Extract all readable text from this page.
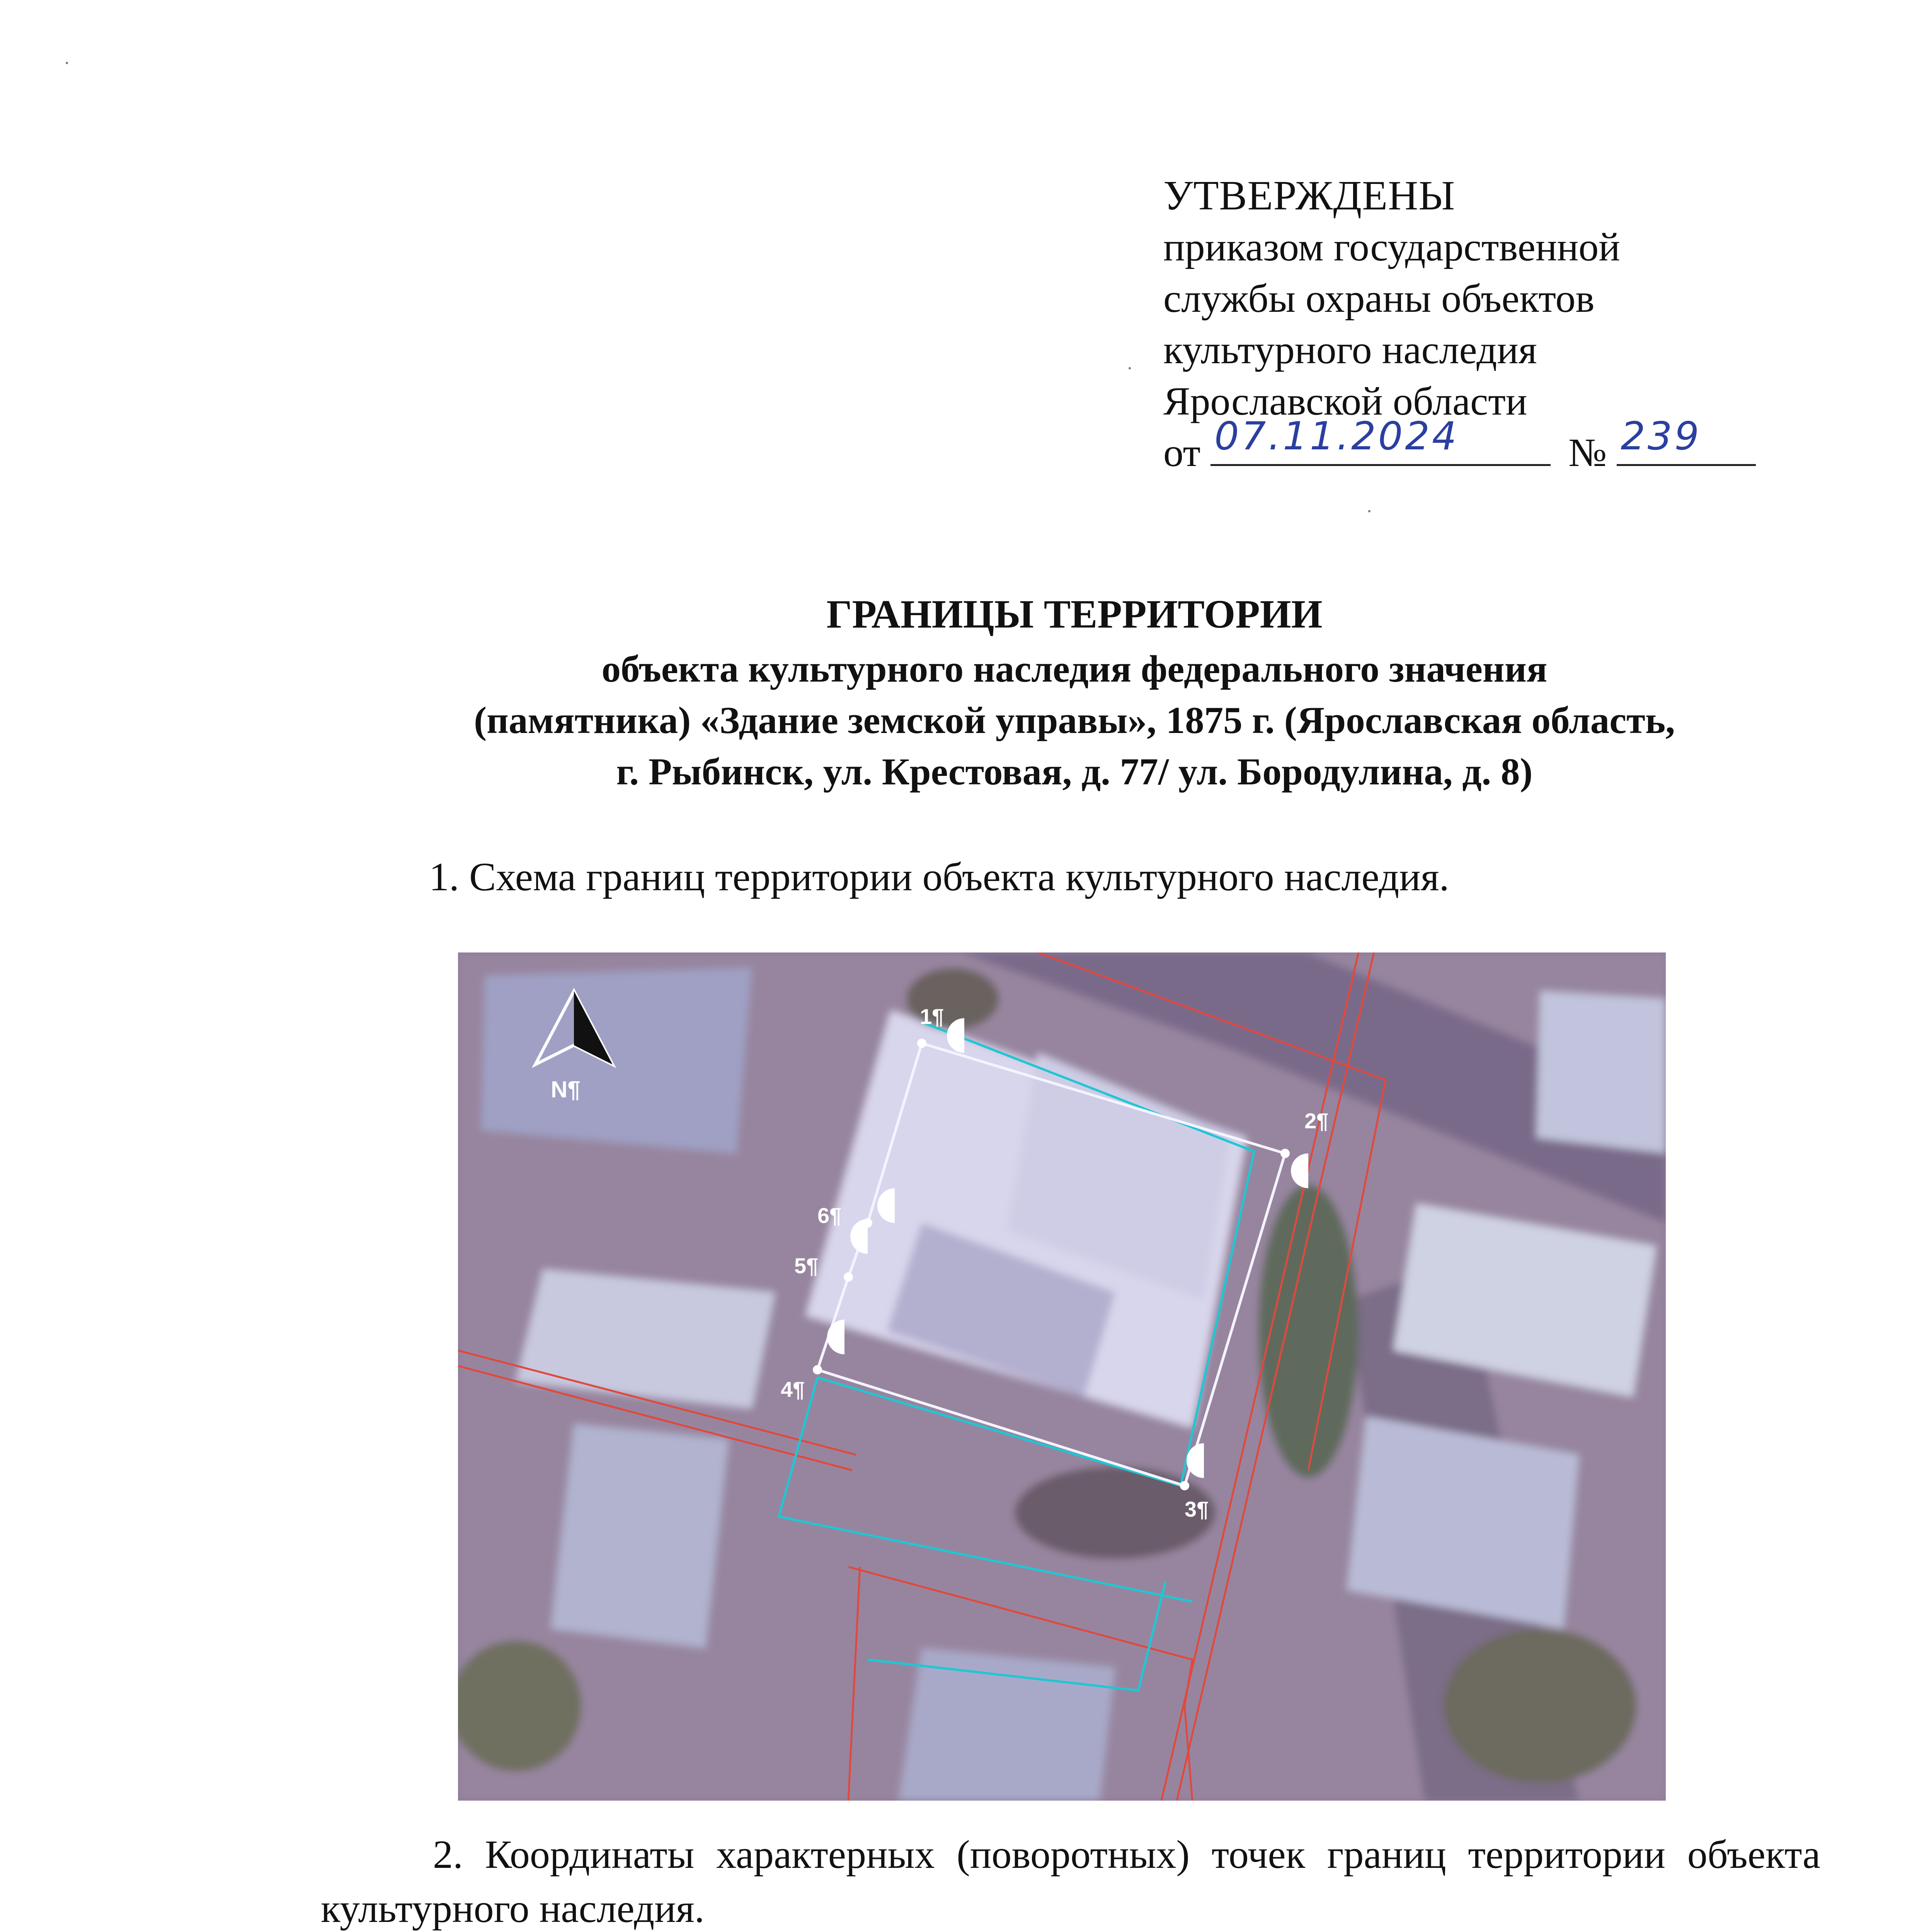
УТВЕРЖДЕНЫ
приказом государственной
службы охраны объектов
культурного наследия
Ярославской области
от 07.11.2024	№ 239
ГРАНИЦЫ ТЕРРИТОРИИ
объекта культурного наследия федерального значения
(памятника) «Здание земской управы», 1875 г. (Ярославская область,
г. Рыбинск, ул. Крестовая, д. 77/ ул. Бородулина, д. 8)
1. Схема границ территории объекта культурного наследия.
1¶
2¶
3¶
4¶
5¶
6¶
N¶
2. Координаты характерных (поворотных) точек границ территории объекта культурного наследия.
